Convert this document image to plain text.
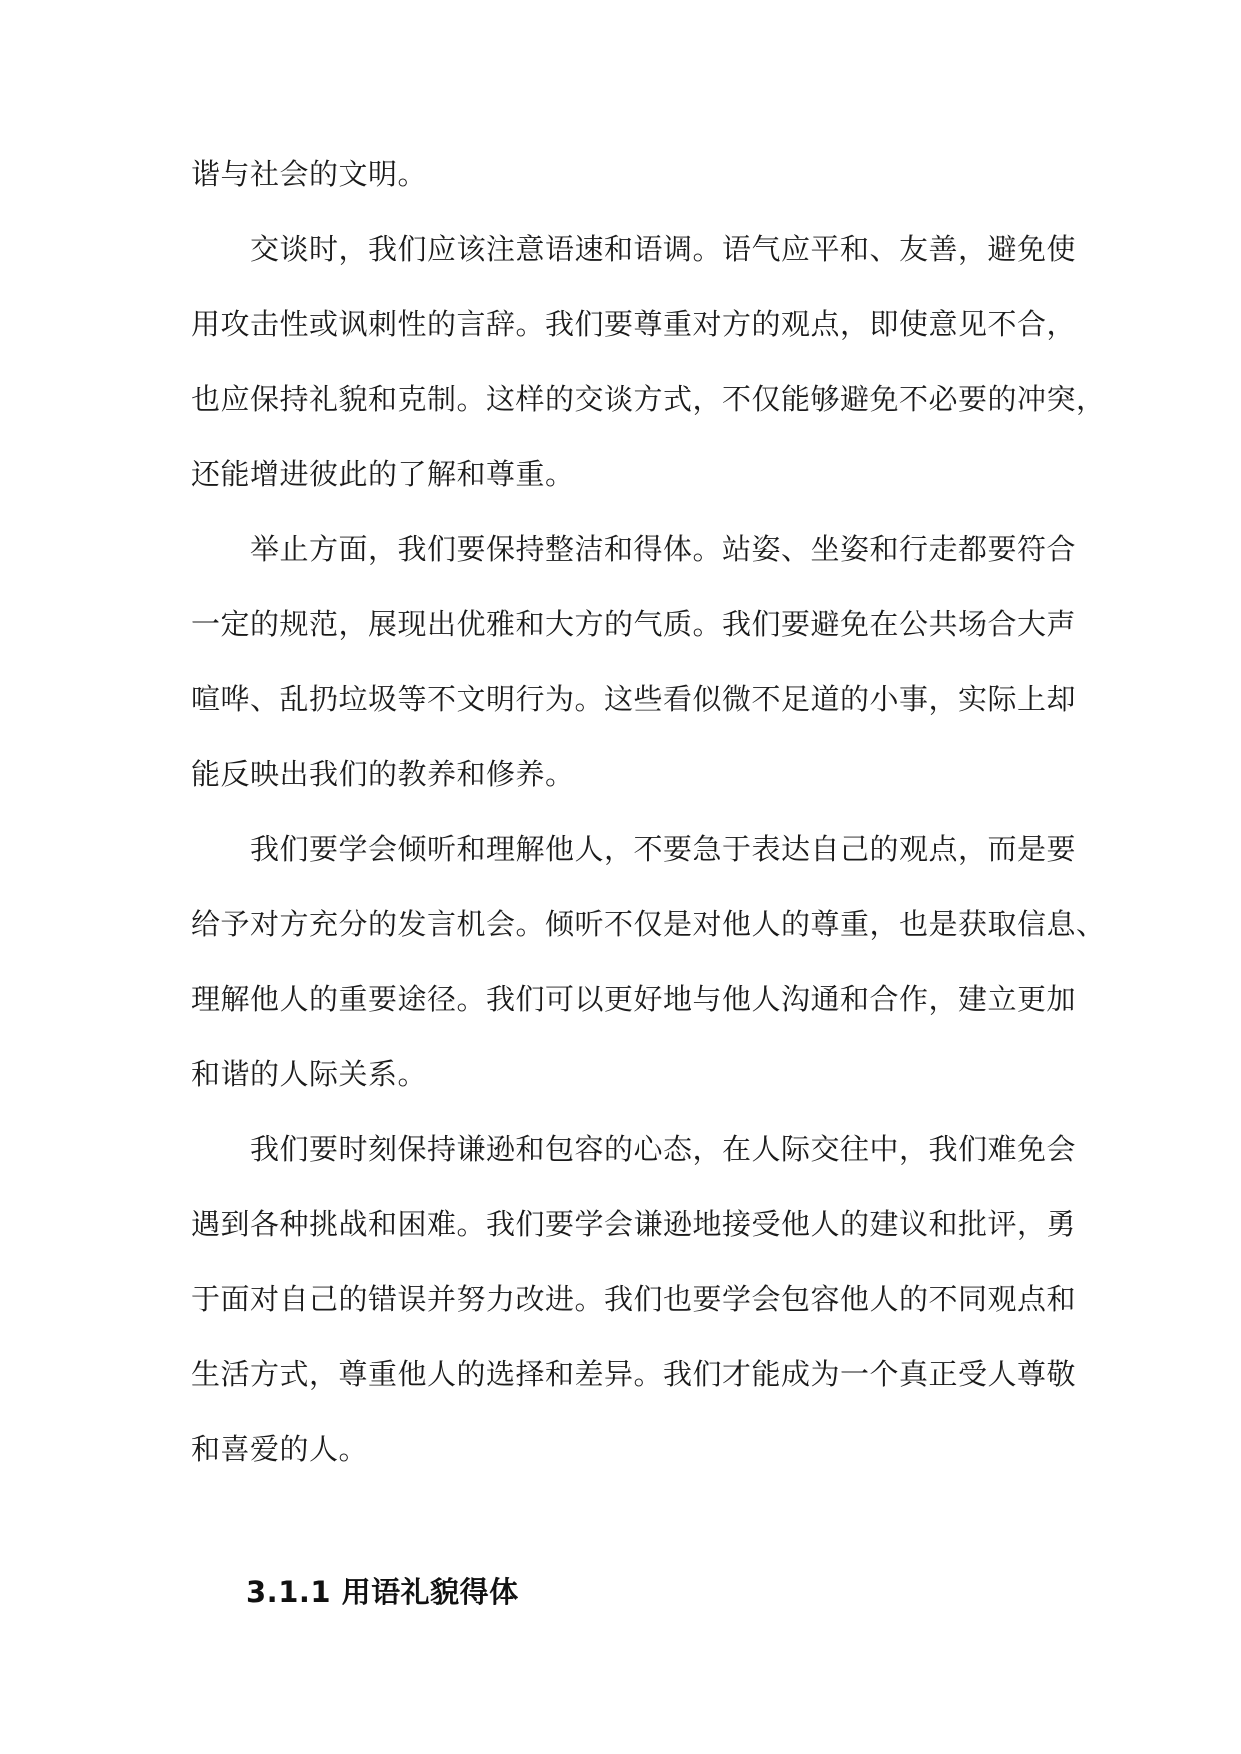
谐与社会的文明。
交谈时，我们应该注意语速和语调。语气应平和、友善，避免使
用攻击性或讽刺性的言辞。我们要尊重对方的观点，即使意见不合，
也应保持礼貌和克制。这样的交谈方式，不仅能够避免不必要的冲突，
还能增进彼此的了解和尊重。
举止方面，我们要保持整洁和得体。站姿、坐姿和行走都要符合
一定的规范，展现出优雅和大方的气质。我们要避免在公共场合大声
喧哗、乱扔垃圾等不文明行为。这些看似微不足道的小事，实际上却
能反映出我们的教养和修养。
我们要学会倾听和理解他人，不要急于表达自己的观点，而是要
给予对方充分的发言机会。倾听不仅是对他人的尊重，也是获取信息、
理解他人的重要途径。我们可以更好地与他人沟通和合作，建立更加
和谐的人际关系。
我们要时刻保持谦逊和包容的心态，在人际交往中，我们难免会
遇到各种挑战和困难。我们要学会谦逊地接受他人的建议和批评，勇
于面对自己的错误并努力改进。我们也要学会包容他人的不同观点和
生活方式，尊重他人的选择和差异。我们才能成为一个真正受人尊敬
和喜爱的人。
3.1.1 用语礼貌得体
